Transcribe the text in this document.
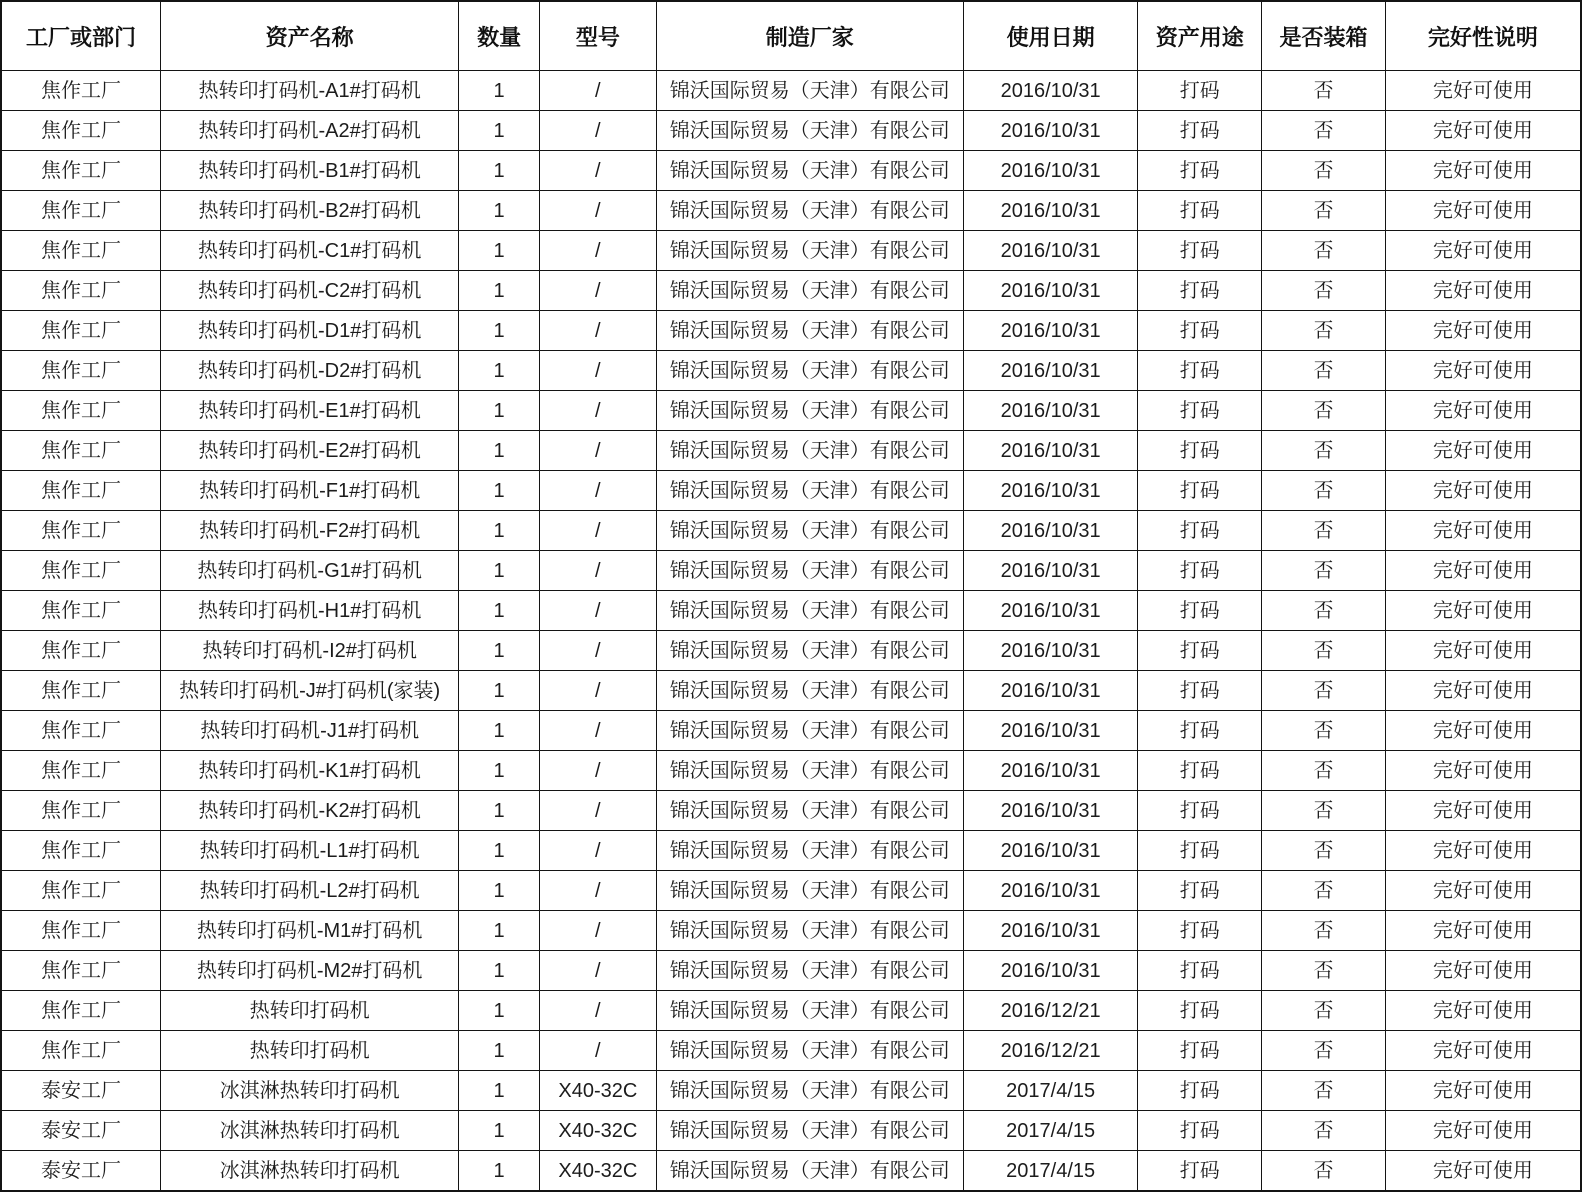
工厂或部门	资产名称	数量	型号	制造厂家	使用日期	资产用途	是否装箱	完好性说明
焦作工厂	热转印打码机-A1#打码机	1	/	锦沃国际贸易（天津）有限公司	2016/10/31	打码	否	完好可使用
焦作工厂	热转印打码机-A2#打码机	1	/	锦沃国际贸易（天津）有限公司	2016/10/31	打码	否	完好可使用
焦作工厂	热转印打码机-B1#打码机	1	/	锦沃国际贸易（天津）有限公司	2016/10/31	打码	否	完好可使用
焦作工厂	热转印打码机-B2#打码机	1	/	锦沃国际贸易（天津）有限公司	2016/10/31	打码	否	完好可使用
焦作工厂	热转印打码机-C1#打码机	1	/	锦沃国际贸易（天津）有限公司	2016/10/31	打码	否	完好可使用
焦作工厂	热转印打码机-C2#打码机	1	/	锦沃国际贸易（天津）有限公司	2016/10/31	打码	否	完好可使用
焦作工厂	热转印打码机-D1#打码机	1	/	锦沃国际贸易（天津）有限公司	2016/10/31	打码	否	完好可使用
焦作工厂	热转印打码机-D2#打码机	1	/	锦沃国际贸易（天津）有限公司	2016/10/31	打码	否	完好可使用
焦作工厂	热转印打码机-E1#打码机	1	/	锦沃国际贸易（天津）有限公司	2016/10/31	打码	否	完好可使用
焦作工厂	热转印打码机-E2#打码机	1	/	锦沃国际贸易（天津）有限公司	2016/10/31	打码	否	完好可使用
焦作工厂	热转印打码机-F1#打码机	1	/	锦沃国际贸易（天津）有限公司	2016/10/31	打码	否	完好可使用
焦作工厂	热转印打码机-F2#打码机	1	/	锦沃国际贸易（天津）有限公司	2016/10/31	打码	否	完好可使用
焦作工厂	热转印打码机-G1#打码机	1	/	锦沃国际贸易（天津）有限公司	2016/10/31	打码	否	完好可使用
焦作工厂	热转印打码机-H1#打码机	1	/	锦沃国际贸易（天津）有限公司	2016/10/31	打码	否	完好可使用
焦作工厂	热转印打码机-I2#打码机	1	/	锦沃国际贸易（天津）有限公司	2016/10/31	打码	否	完好可使用
焦作工厂	热转印打码机-J#打码机(家装)	1	/	锦沃国际贸易（天津）有限公司	2016/10/31	打码	否	完好可使用
焦作工厂	热转印打码机-J1#打码机	1	/	锦沃国际贸易（天津）有限公司	2016/10/31	打码	否	完好可使用
焦作工厂	热转印打码机-K1#打码机	1	/	锦沃国际贸易（天津）有限公司	2016/10/31	打码	否	完好可使用
焦作工厂	热转印打码机-K2#打码机	1	/	锦沃国际贸易（天津）有限公司	2016/10/31	打码	否	完好可使用
焦作工厂	热转印打码机-L1#打码机	1	/	锦沃国际贸易（天津）有限公司	2016/10/31	打码	否	完好可使用
焦作工厂	热转印打码机-L2#打码机	1	/	锦沃国际贸易（天津）有限公司	2016/10/31	打码	否	完好可使用
焦作工厂	热转印打码机-M1#打码机	1	/	锦沃国际贸易（天津）有限公司	2016/10/31	打码	否	完好可使用
焦作工厂	热转印打码机-M2#打码机	1	/	锦沃国际贸易（天津）有限公司	2016/10/31	打码	否	完好可使用
焦作工厂	热转印打码机	1	/	锦沃国际贸易（天津）有限公司	2016/12/21	打码	否	完好可使用
焦作工厂	热转印打码机	1	/	锦沃国际贸易（天津）有限公司	2016/12/21	打码	否	完好可使用
泰安工厂	冰淇淋热转印打码机	1	X40-32C	锦沃国际贸易（天津）有限公司	2017/4/15	打码	否	完好可使用
泰安工厂	冰淇淋热转印打码机	1	X40-32C	锦沃国际贸易（天津）有限公司	2017/4/15	打码	否	完好可使用
泰安工厂	冰淇淋热转印打码机	1	X40-32C	锦沃国际贸易（天津）有限公司	2017/4/15	打码	否	完好可使用
